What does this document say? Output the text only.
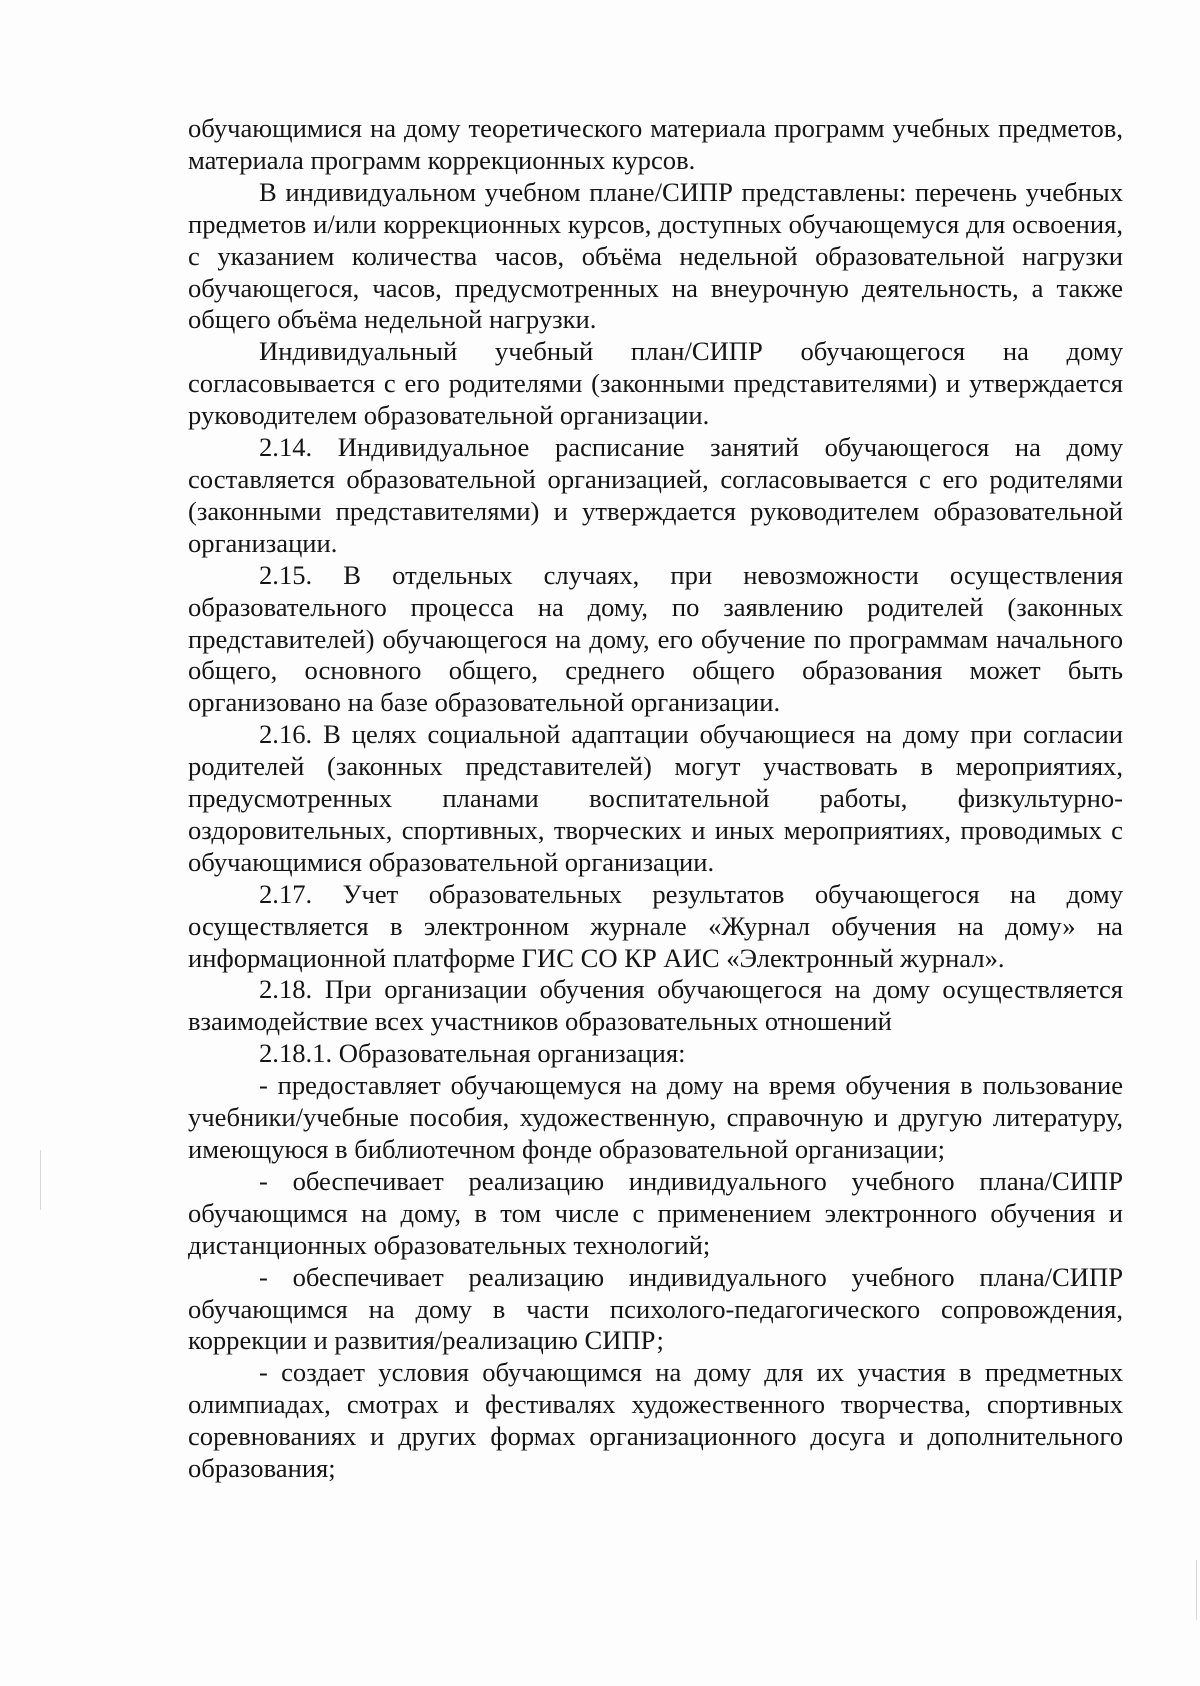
обучающимися на дому теоретического материала программ учебных предметов, материала программ коррекционных курсов.

В индивидуальном учебном плане/СИПР представлены: перечень учебных предметов и/или коррекционных курсов, доступных обучающемуся для освоения, с указанием количества часов, объёма недельной образовательной нагрузки обучающегося, часов, предусмотренных на внеурочную деятельность, а также общего объёма недельной нагрузки.

Индивидуальный учебный план/СИПР обучающегося на дому согласовывается с его родителями (законными представителями) и утверждается руководителем образовательной организации.

2.14. Индивидуальное расписание занятий обучающегося на дому составляется образовательной организацией, согласовывается с его родителями (законными представителями) и утверждается руководителем образовательной организации.

2.15. В отдельных случаях, при невозможности осуществления образовательного процесса на дому, по заявлению родителей (законных представителей) обучающегося на дому, его обучение по программам начального общего, основного общего, среднего общего образования может быть организовано на базе образовательной организации.

2.16. В целях социальной адаптации обучающиеся на дому при согласии родителей (законных представителей) могут участвовать в мероприятиях, предусмотренных планами воспитательной работы, физкультурно-оздоровительных, спортивных, творческих и иных мероприятиях, проводимых с обучающимися образовательной организации.

2.17. Учет образовательных результатов обучающегося на дому осуществляется в электронном журнале «Журнал обучения на дому» на информационной платформе ГИС СО КР АИС «Электронный журнал».

2.18. При организации обучения обучающегося на дому осуществляется взаимодействие всех участников образовательных отношений

2.18.1. Образовательная организация:

- предоставляет обучающемуся на дому на время обучения в пользование учебники/учебные пособия, художественную, справочную и другую литературу, имеющуюся в библиотечном фонде образовательной организации;

- обеспечивает реализацию индивидуального учебного плана/СИПР обучающимся на дому, в том числе с применением электронного обучения и дистанционных образовательных технологий;

- обеспечивает реализацию индивидуального учебного плана/СИПР обучающимся на дому в части психолого-педагогического сопровождения, коррекции и развития/реализацию СИПР;

- создает условия обучающимся на дому для их участия в предметных олимпиадах, смотрах и фестивалях художественного творчества, спортивных соревнованиях и других формах организационного досуга и дополнительного образования;
